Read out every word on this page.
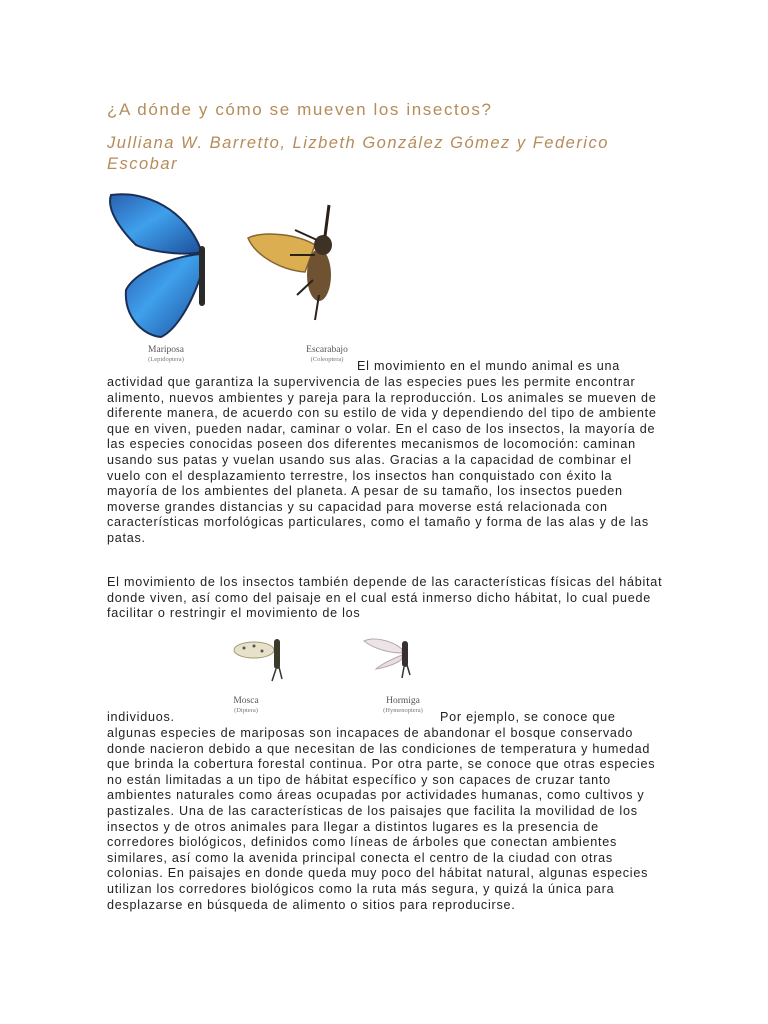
¿A dónde y cómo se mueven los insectos?
Julliana W. Barretto, Lizbeth González Gómez y Federico Escobar
Mariposa
(Lepidoptera)
Escarabajo
(Coleoptera)	El movimiento en el mundo animal es una
actividad que garantiza la supervivencia de las especies pues les permite encontrar alimento, nuevos ambientes y pareja para la reproducción. Los animales se mueven de diferente manera, de acuerdo con su estilo de vida y dependiendo del tipo de ambiente que en viven, pueden nadar, caminar o volar. En el caso de los insectos, la mayoría de las especies conocidas poseen dos diferentes mecanismos de locomoción: caminan usando sus patas y vuelan usando sus alas. Gracias a la capacidad de combinar el vuelo con el desplazamiento terrestre, los insectos han conquistado con éxito la mayoría de los ambientes del planeta. A pesar de su tamaño, los insectos pueden moverse grandes distancias y su capacidad para moverse está relacionada con características morfológicas particulares, como el tamaño y forma de las alas y de las patas.
El movimiento de los insectos también depende de las características físicas del hábitat donde viven, así como del paisaje en el cual está inmerso dicho hábitat, lo cual puede facilitar o restringir el movimiento de los
Mosca
(Diptera)
Hormiga
(Hymenoptera)
individuos.	Por ejemplo, se conoce que
algunas especies de mariposas son incapaces de abandonar el bosque conservado donde nacieron debido a que necesitan de las condiciones de temperatura y humedad que brinda la cobertura forestal continua. Por otra parte, se conoce que otras especies no están limitadas a un tipo de hábitat específico y son capaces de cruzar tanto ambientes naturales como áreas ocupadas por actividades humanas, como cultivos y pastizales. Una de las características de los paisajes que facilita la movilidad de los insectos y de otros animales para llegar a distintos lugares es la presencia de corredores biológicos, definidos como líneas de árboles que conectan ambientes similares, así como la avenida principal conecta el centro de la ciudad con otras colonias. En paisajes en donde queda muy poco del hábitat natural, algunas especies utilizan los corredores biológicos como la ruta más segura, y quizá la única para desplazarse en búsqueda de alimento o sitios para reproducirse.
